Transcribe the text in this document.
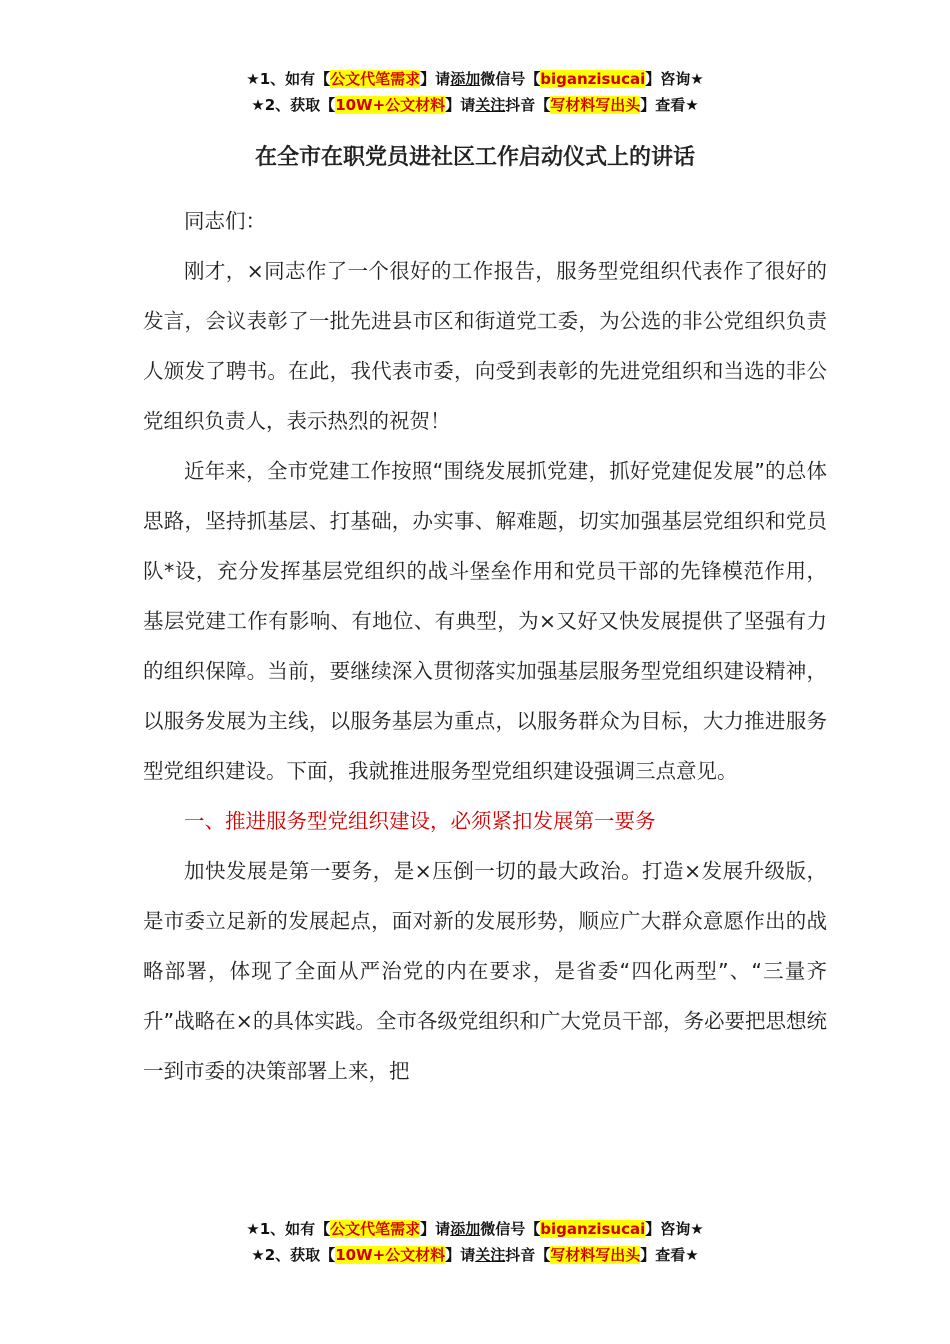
★1、如有【公文代笔需求】请添加微信号【biganzisucai】咨询★
★2、获取【10W+公文材料】请关注抖音【写材料写出头】查看★
在全市在职党员进社区工作启动仪式上的讲话

同志们：

刚才，×同志作了一个很好的工作报告，服务型党组织代表作了很好的发言，会议表彰了一批先进县市区和街道党工委，为公选的非公党组织负责人颁发了聘书。在此，我代表市委，向受到表彰的先进党组织和当选的非公党组织负责人，表示热烈的祝贺！

近年来，全市党建工作按照“围绕发展抓党建，抓好党建促发展”的总体思路，坚持抓基层、打基础，办实事、解难题，切实加强基层党组织和党员队*设，充分发挥基层党组织的战斗堡垒作用和党员干部的先锋模范作用，基层党建工作有影响、有地位、有典型，为×又好又快发展提供了坚强有力的组织保障。当前，要继续深入贯彻落实加强基层服务型党组织建设精神，以服务发展为主线，以服务基层为重点，以服务群众为目标，大力推进服务型党组织建设。下面，我就推进服务型党组织建设强调三点意见。

一、推进服务型党组织建设，必须紧扣发展第一要务

加快发展是第一要务，是×压倒一切的最大政治。打造×发展升级版，是市委立足新的发展起点，面对新的发展形势，顺应广大群众意愿作出的战略部署，体现了全面从严治党的内在要求，是省委“四化两型”、“三量齐升”战略在×的具体实践。全市各级党组织和广大党员干部，务必要把思想统一到市委的决策部署上来，把

★1、如有【公文代笔需求】请添加微信号【biganzisucai】咨询★
★2、获取【10W+公文材料】请关注抖音【写材料写出头】查看★
